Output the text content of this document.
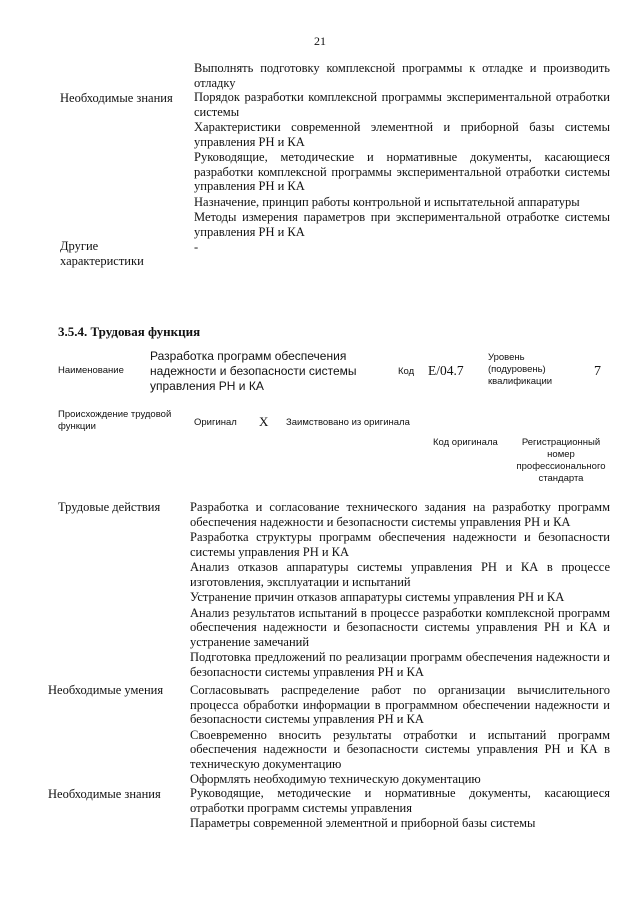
21

Выполнять подготовку комплексной программы к отладке и производить отладку

Необходимые знания Порядок разработки комплексной программы экспериментальной отработки системы

Характеристики современной элементной и приборной базы системы управления РН и КА

Руководящие, методические и нормативные документы, касающиеся разработки комплексной программы экспериментальной отработки системы управления РН и КА

Назначение, принцип работы контрольной и испытательной аппаратуры

Методы измерения параметров при экспериментальной отработке системы управления РН и КА

Другие характеристики
-
3.5.4. Трудовая функция
Наименование
Разработка программ обеспечения надежности и безопасности системы управления РН и КА
Код E/04.7
Уровень (подуровень) квалификации
7
Происхождение трудовой функции	Оригинал X Заимствовано из оригинала
Код оригинала	Регистрационный номер профессионального стандарта
Трудовые действия Разработка и согласование технического задания на разработку программ обеспечения надежности и безопасности системы управления РН и КА

Разработка структуры программ обеспечения надежности и безопасности системы управления РН и КА

Анализ отказов аппаратуры системы управления РН и КА в процессе изготовления, эксплуатации и испытаний

Устранение причин отказов аппаратуры системы управления РН и КА

Анализ результатов испытаний в процессе разработки комплексной программ обеспечения надежности и безопасности системы управления РН и КА и устранение замечаний

Подготовка предложений по реализации программ обеспечения надежности и безопасности системы управления РН и КА

Необходимые умения Согласовывать распределение работ по организации вычислительного процесса обработки информации в программном обеспечении надежности и безопасности системы управления РН и КА

Своевременно вносить результаты отработки и испытаний программ обеспечения надежности и безопасности системы управления РН и КА в техническую документацию

Оформлять необходимую техническую документацию

Необходимые знания Руководящие, методические и нормативные документы, касающиеся отработки программ системы управления

Параметры современной элементной и приборной базы системы
